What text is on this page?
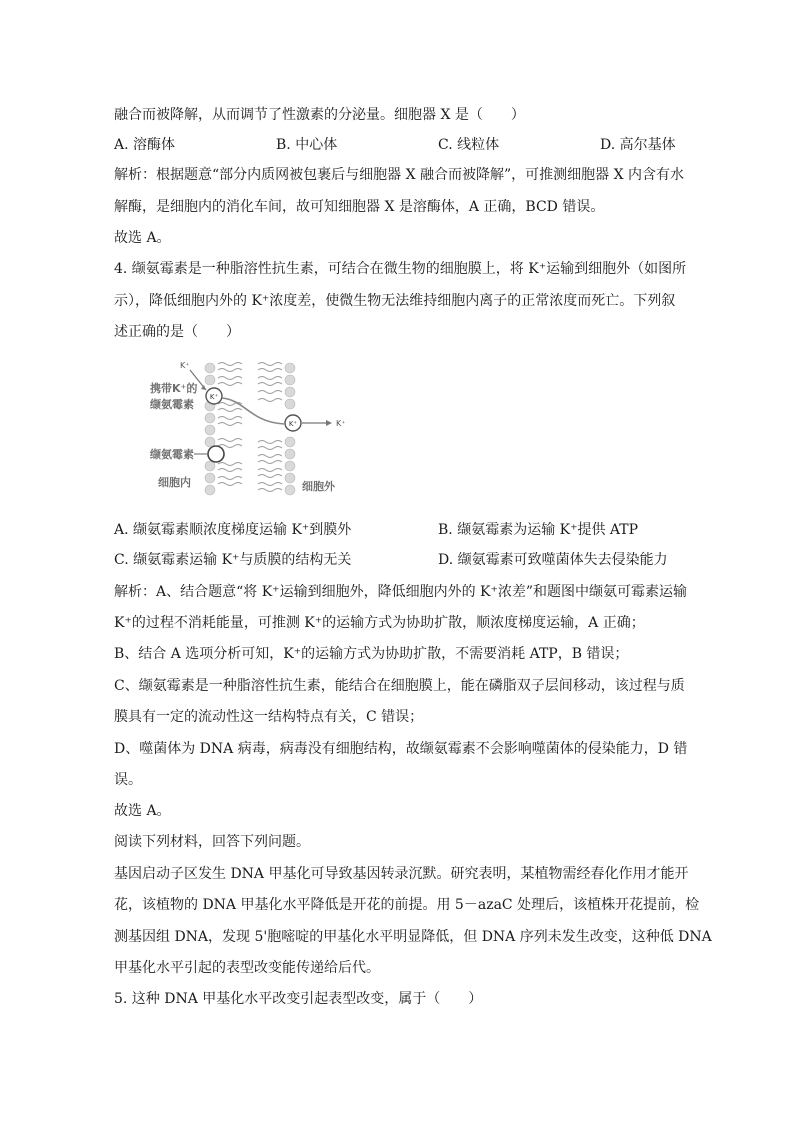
融合而被降解，从而调节了性激素的分泌量。细胞器 X 是（　　）
A. 溶酶体	B. 中心体	C. 线粒体	D. 高尔基体
解析：根据题意“部分内质网被包裹后与细胞器 X 融合而被降解”，可推测细胞器 X 内含有水
解酶，是细胞内的消化车间，故可知细胞器 X 是溶酶体，A 正确，BCD 错误。
故选 A。
4. 缬氨霉素是一种脂溶性抗生素，可结合在微生物的细胞膜上，将 K⁺运输到细胞外（如图所
示），降低细胞内外的 K⁺浓度差，使微生物无法维持细胞内离子的正常浓度而死亡。下列叙
述正确的是（　　）
K⁺
K⁺
K⁺	K⁺
携带K⁺的
缬氨霉素
缬氨霉素
细胞内	细胞外
A. 缬氨霉素顺浓度梯度运输 K⁺到膜外	B. 缬氨霉素为运输 K⁺提供 ATP
C. 缬氨霉素运输 K⁺与质膜的结构无关	D. 缬氨霉素可致噬菌体失去侵染能力
解析：A、结合题意“将 K⁺运输到细胞外，降低细胞内外的 K⁺浓差”和题图中缬氨可霉素运输
K⁺的过程不消耗能量，可推测 K⁺的运输方式为协助扩散，顺浓度梯度运输，A 正确；
B、结合 A 选项分析可知，K⁺的运输方式为协助扩散，不需要消耗 ATP，B 错误；
C、缬氨霉素是一种脂溶性抗生素，能结合在细胞膜上，能在磷脂双子层间移动，该过程与质
膜具有一定的流动性这一结构特点有关，C 错误；
D、噬菌体为 DNA 病毒，病毒没有细胞结构，故缬氨霉素不会影响噬菌体的侵染能力，D 错
误。
故选 A。
阅读下列材料，回答下列问题。
基因启动子区发生 DNA 甲基化可导致基因转录沉默。研究表明，某植物需经春化作用才能开
花，该植物的 DNA 甲基化水平降低是开花的前提。用 5－azaC 处理后，该植株开花提前，检
测基因组 DNA，发现 5'胞嘧啶的甲基化水平明显降低，但 DNA 序列未发生改变，这种低 DNA
甲基化水平引起的表型改变能传递给后代。
5. 这种 DNA 甲基化水平改变引起表型改变，属于（　　）
